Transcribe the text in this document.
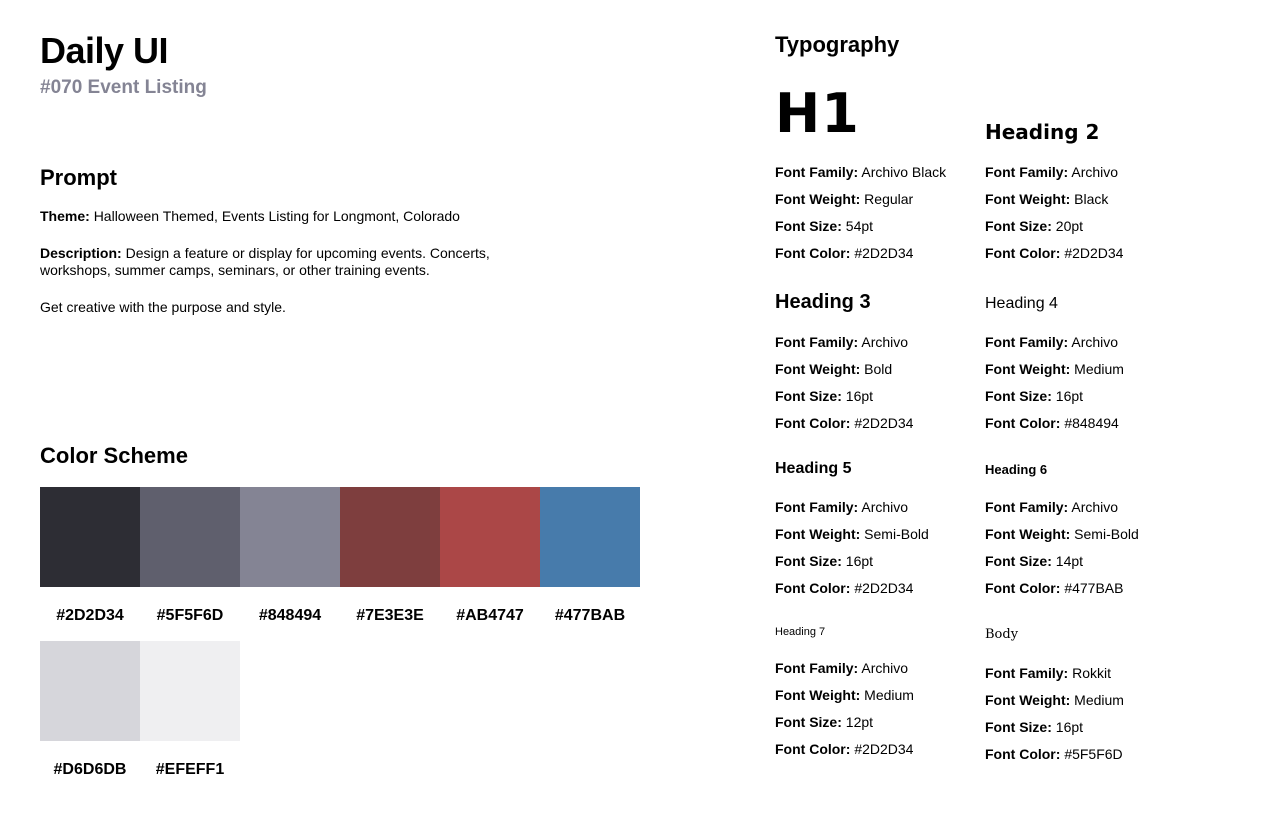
Daily UI
#070 Event Listing
Prompt

Theme: Halloween Themed, Events Listing for Longmont, Colorado

Description: Design a feature or display for upcoming events. Concerts, workshops, summer camps, seminars, or other training events.

Get creative with the purpose and style.

Color Scheme
#2D2D34	#5F5F6D	#848494	#7E3E3E	#AB4747	#477BAB
#D6D6DB	#EFEFF1
Typography
H1	Heading 2
Heading 3	Heading 4
Heading 5	Heading 6
Heading 7	Body
Font Family: Archivo Black
Font Weight: Regular
Font Size: 54pt
Font Color: #2D2D34
Font Family: Archivo
Font Weight: Black
Font Size: 20pt
Font Color: #2D2D34
Font Family: Archivo
Font Weight: Bold
Font Size: 16pt
Font Color: #2D2D34
Font Family: Archivo
Font Weight: Medium
Font Size: 16pt
Font Color: #848494
Font Family: Archivo
Font Weight: Semi-Bold
Font Size: 16pt
Font Color: #2D2D34
Font Family: Archivo
Font Weight: Semi-Bold
Font Size: 14pt
Font Color: #477BAB
Font Family: Archivo
Font Weight: Medium
Font Size: 12pt
Font Color: #2D2D34
Font Family: Rokkit
Font Weight: Medium
Font Size: 16pt
Font Color: #5F5F6D
